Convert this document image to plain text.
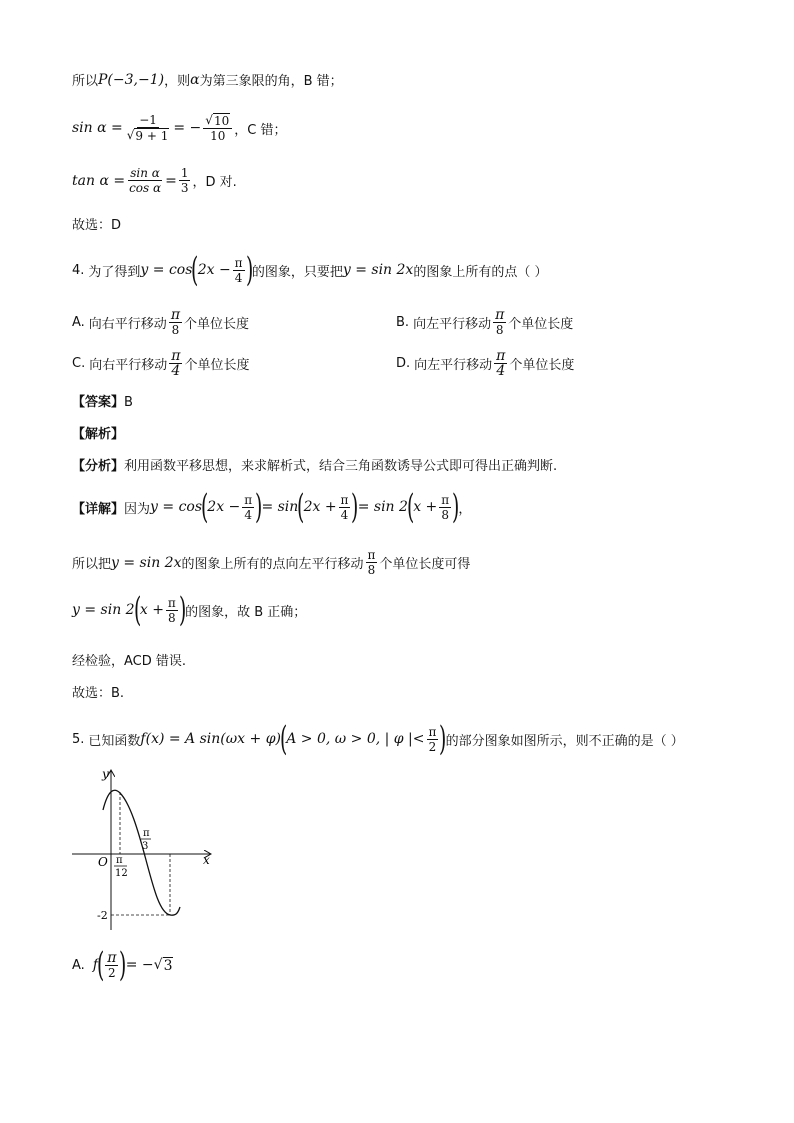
所以 P(−3,−1) ，则 α 为第三象限的角，B 错；
$\sin \alpha = \frac{-1}{√ 9 + 1}$ = − $\frac{√ 10}{10}$ ，C 错；
$\tan \alpha = \frac{\text{sin α}}{\text{cos α}} = \frac{1}{3}$ ，D 对.
故选：D
4. 为了得到 y = cos
(
$2x - \frac{\pi}{4}$ )
的图象，只要把 y = sin 2x 的图象上所有的点（ ）
A. 向右平行移动 $\frac{\pi}{8}$ 个单位长度	B. 向左平行移动 $\frac{\pi}{8}$ 个单位长度
C. 向右平行移动 $\frac{\pi}{4}$ 个单位长度	D. 向左平行移动 $\frac{\pi}{4}$ 个单位长度
【答案】B
【解析】
【分析】利用函数平移思想，来求解析式，结合三角函数诱导公式即可得出正确判断.
【详解】 因为 y = cos
(
$2x - \frac{\pi}{4}$ )
= sin
(
$2x + \frac{\pi}{4}$ )
= sin 2
(
$x + \frac{\pi}{8}$ )
，
所以把 y = sin 2x 的图象上所有的点向左平行移动 $\frac{\pi}{8}$ 个单位长度可得
y = sin 2
(
$x + \frac{\pi}{8}$ )
的图象，故 B 正确；
经检验，ACD 错误.
故选：B.
5. 已知函数 f(x) = A sin(ωx + φ)
(
A > 0, ω > 0, | φ |< $\frac{\pi}{2}$ )
的部分图象如图所示，则不正确的是（ ）
y
x
O π
12
π
3
-2
A. f
( $\frac{\pi}{2}$ )
= − √ 3
